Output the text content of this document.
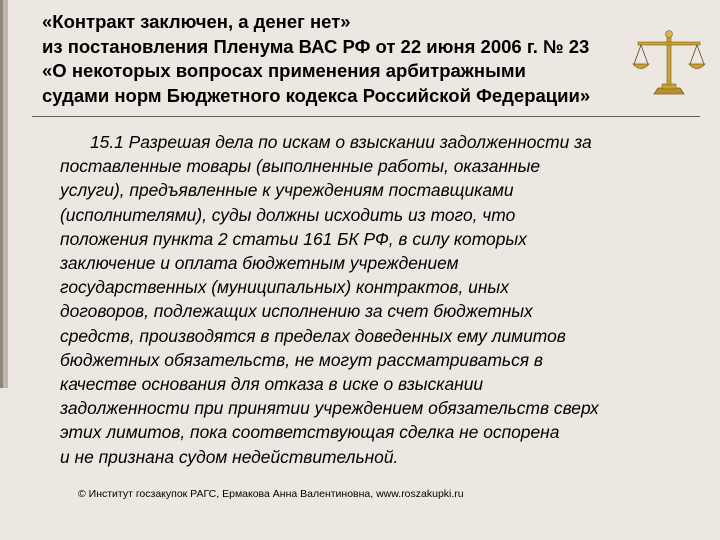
«Контракт заключен, а денег нет»
из постановления Пленума ВАС РФ от 22 июня 2006 г. № 23
«О некоторых вопросах применения арбитражными
судами норм Бюджетного кодекса Российской Федерации»
15.1 Разрешая дела по искам о взыскании задолженности за
поставленные товары (выполненные работы, оказанные
услуги), предъявленные к учреждениям поставщиками
(исполнителями), суды должны исходить из того, что
положения пункта 2 статьи 161 БК РФ, в силу которых
заключение и оплата бюджетным учреждением
государственных (муниципальных) контрактов, иных
договоров, подлежащих исполнению за счет бюджетных
средств, производятся в пределах доведенных ему лимитов
бюджетных обязательств, не могут рассматриваться в
качестве основания для отказа в иске о взыскании
задолженности при принятии учреждением обязательств сверх
этих лимитов, пока соответствующая сделка не оспорена
и не признана судом недействительной.
© Институт госзакупок РАГС, Ермакова Анна Валентиновна, www.roszakupki.ru
